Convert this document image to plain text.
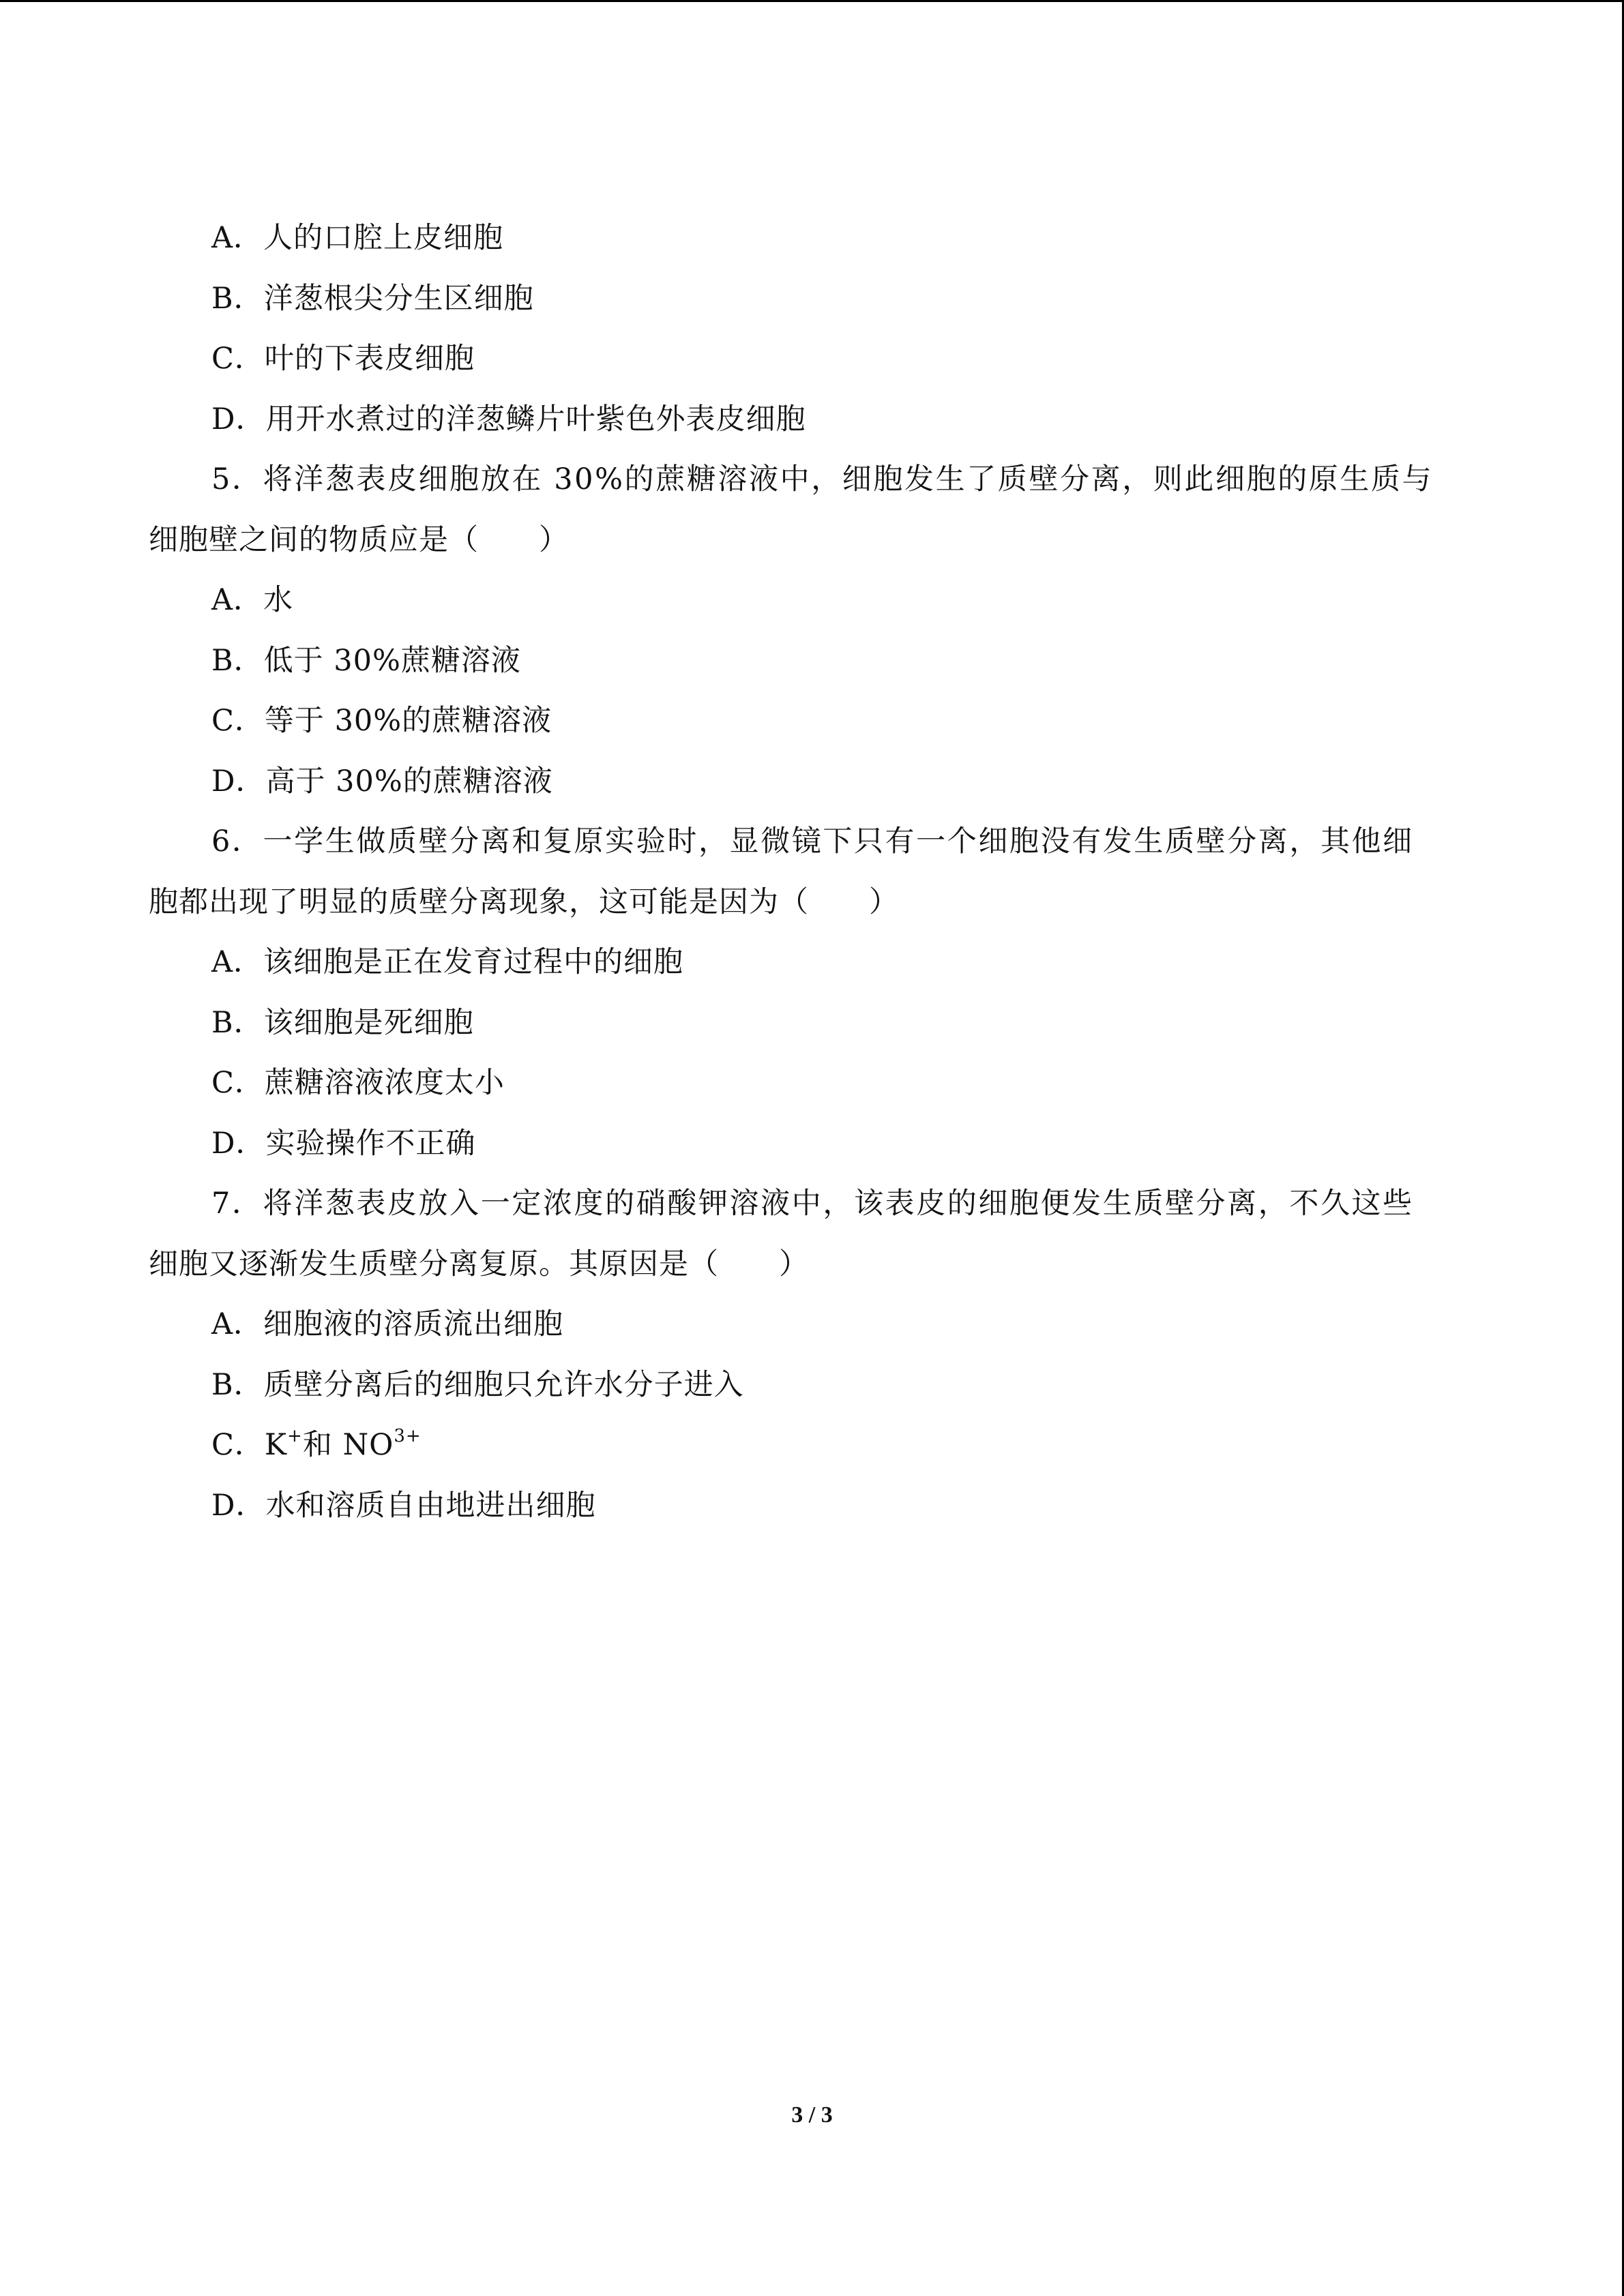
A．人的口腔上皮细胞
B．洋葱根尖分生区细胞
C．叶的下表皮细胞
D．用开水煮过的洋葱鳞片叶紫色外表皮细胞
5．将洋葱表皮细胞放在 30%的蔗糖溶液中，细胞发生了质壁分离，则此细胞的原生质与
细胞壁之间的物质应是（　　）
A．水
B．低于 30%蔗糖溶液
C．等于 30%的蔗糖溶液
D．高于 30%的蔗糖溶液
6．一学生做质壁分离和复原实验时，显微镜下只有一个细胞没有发生质壁分离，其他细
胞都出现了明显的质壁分离现象，这可能是因为（　　）
A．该细胞是正在发育过程中的细胞
B．该细胞是死细胞
C．蔗糖溶液浓度太小
D．实验操作不正确
7．将洋葱表皮放入一定浓度的硝酸钾溶液中，该表皮的细胞便发生质壁分离，不久这些
细胞又逐渐发生质壁分离复原。其原因是（　　）
A．细胞液的溶质流出细胞
B．质壁分离后的细胞只允许水分子进入
C．K+和 $NO^{3+}$
D．水和溶质自由地进出细胞
3 / 3
